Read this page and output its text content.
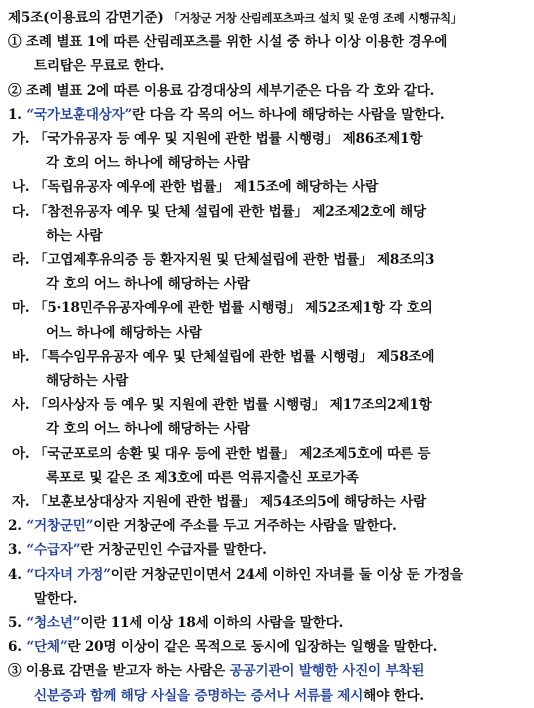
제5조(이용료의 감면기준) 「거창군 거창 산림레포츠파크 설치 및 운영 조례 시행규칙」
① 조례 별표 1에 따른 산림레포츠를 위한 시설 중 하나 이상 이용한 경우에
트리탑은 무료로 한다.
② 조례 별표 2에 따른 이용료 감경대상의 세부기준은 다음 각 호와 같다.
1. “국가보훈대상자”란 다음 각 목의 어느 하나에 해당하는 사람을 말한다.
가. 「국가유공자 등 예우 및 지원에 관한 법률 시행령」 제86조제1항
각 호의 어느 하나에 해당하는 사람
나. 「독립유공자 예우에 관한 법률」 제15조에 해당하는 사람
다. 「참전유공자 예우 및 단체 설립에 관한 법률」 제2조제2호에 해당
하는 사람
라. 「고엽제후유의증 등 환자지원 및 단체설립에 관한 법률」 제8조의3
각 호의 어느 하나에 해당하는 사람
마. 「5·18민주유공자예우에 관한 법률 시행령」 제52조제1항 각 호의
어느 하나에 해당하는 사람
바. 「특수임무유공자 예우 및 단체설립에 관한 법률 시행령」 제58조에
해당하는 사람
사. 「의사상자 등 예우 및 지원에 관한 법률 시행령」 제17조의2제1항
각 호의 어느 하나에 해당하는 사람
아. 「국군포로의 송환 및 대우 등에 관한 법률」 제2조제5호에 따른 등
록포로 및 같은 조 제3호에 따른 억류지출신 포로가족
자. 「보훈보상대상자 지원에 관한 법률」 제54조의5에 해당하는 사람
2. “거창군민”이란 거창군에 주소를 두고 거주하는 사람을 말한다.
3. “수급자”란 거창군민인 수급자를 말한다.
4. “다자녀 가정”이란 거창군민이면서 24세 이하인 자녀를 둘 이상 둔 가정을
말한다.
5. “청소년”이란 11세 이상 18세 이하의 사람을 말한다.
6. “단체”란 20명 이상이 같은 목적으로 동시에 입장하는 일행을 말한다.
③ 이용료 감면을 받고자 하는 사람은 공공기관이 발행한 사진이 부착된
신분증과 함께 해당 사실을 증명하는 증서나 서류를 제시해야 한다.
